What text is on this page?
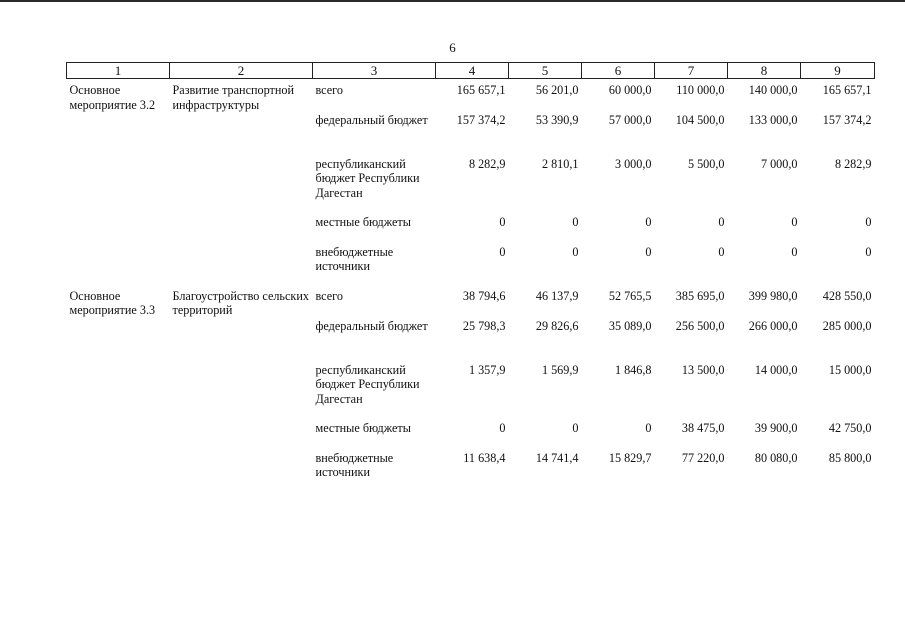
6
1	2	3	4	5	6	7	8	9
Основное мероприятие 3.2	Развитие транспортной инфраструктуры	всего	165 657,1	56 201,0	60 000,0	110 000,0	140 000,0	165 657,1
		федеральный бюджет	157 374,2	53 390,9	57 000,0	104 500,0	133 000,0	157 374,2
		республиканский бюджет Республики Дагестан	8 282,9	2 810,1	3 000,0	5 500,0	7 000,0	8 282,9
		местные бюджеты	0	0	0	0	0	0
		внебюджетные источники	0	0	0	0	0	0
Основное мероприятие 3.3	Благоустройство сельских территорий	всего	38 794,6	46 137,9	52 765,5	385 695,0	399 980,0	428 550,0
		федеральный бюджет	25 798,3	29 826,6	35 089,0	256 500,0	266 000,0	285 000,0
		республиканский бюджет Республики Дагестан	1 357,9	1 569,9	1 846,8	13 500,0	14 000,0	15 000,0
		местные бюджеты	0	0	0	38 475,0	39 900,0	42 750,0
		внебюджетные источники	11 638,4	14 741,4	15 829,7	77 220,0	80 080,0	85 800,0
